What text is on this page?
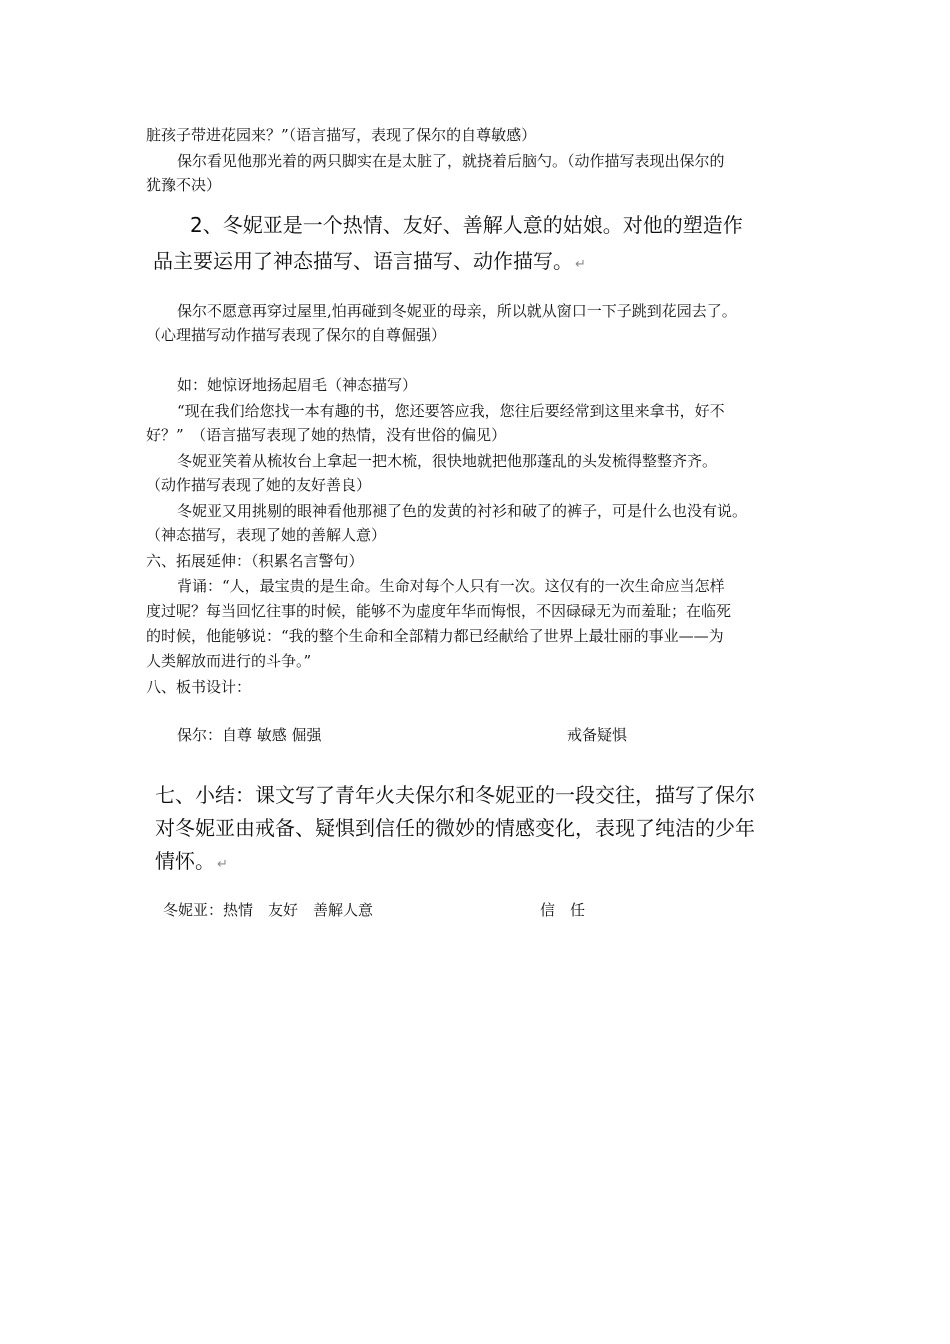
脏孩子带进花园来？”（语言描写，表现了保尔的自尊敏感）
保尔看见他那光着的两只脚实在是太脏了，就挠着后脑勺。（动作描写表现出保尔的
犹豫不决）
2、冬妮亚是一个热情、友好、善解人意的姑娘。对他的塑造作
品主要运用了神态描写、语言描写、动作描写。 ↵
保尔不愿意再穿过屋里,怕再碰到冬妮亚的母亲，所以就从窗口一下子跳到花园去了。
（心理描写动作描写表现了保尔的自尊倔强）
如：她惊讶地扬起眉毛（神态描写）
“现在我们给您找一本有趣的书，您还要答应我，您往后要经常到这里来拿书，好不
好？”　（语言描写表现了她的热情，没有世俗的偏见）
冬妮亚笑着从梳妆台上拿起一把木梳，很快地就把他那蓬乱的头发梳得整整齐齐。
（动作描写表现了她的友好善良）
冬妮亚又用挑剔的眼神看他那褪了色的发黄的衬衫和破了的裤子，可是什么也没有说。
（神态描写，表现了她的善解人意）
六、拓展延伸：（积累名言警句）
背诵：“人，最宝贵的是生命。生命对每个人只有一次。这仅有的一次生命应当怎样
度过呢？每当回忆往事的时候，能够不为虚度年华而悔恨，不因碌碌无为而羞耻；在临死
的时候，他能够说：“我的整个生命和全部精力都已经献给了世界上最壮丽的事业——为
人类解放而进行的斗争。”
八、板书设计：
保尔：自尊 敏感 倔强	戒备疑惧
七、小结：课文写了青年火夫保尔和冬妮亚的一段交往，描写了保尔
对冬妮亚由戒备、疑惧到信任的微妙的情感变化，表现了纯洁的少年
情怀。 ↵
冬妮亚：热情　友好　善解人意	信　任
